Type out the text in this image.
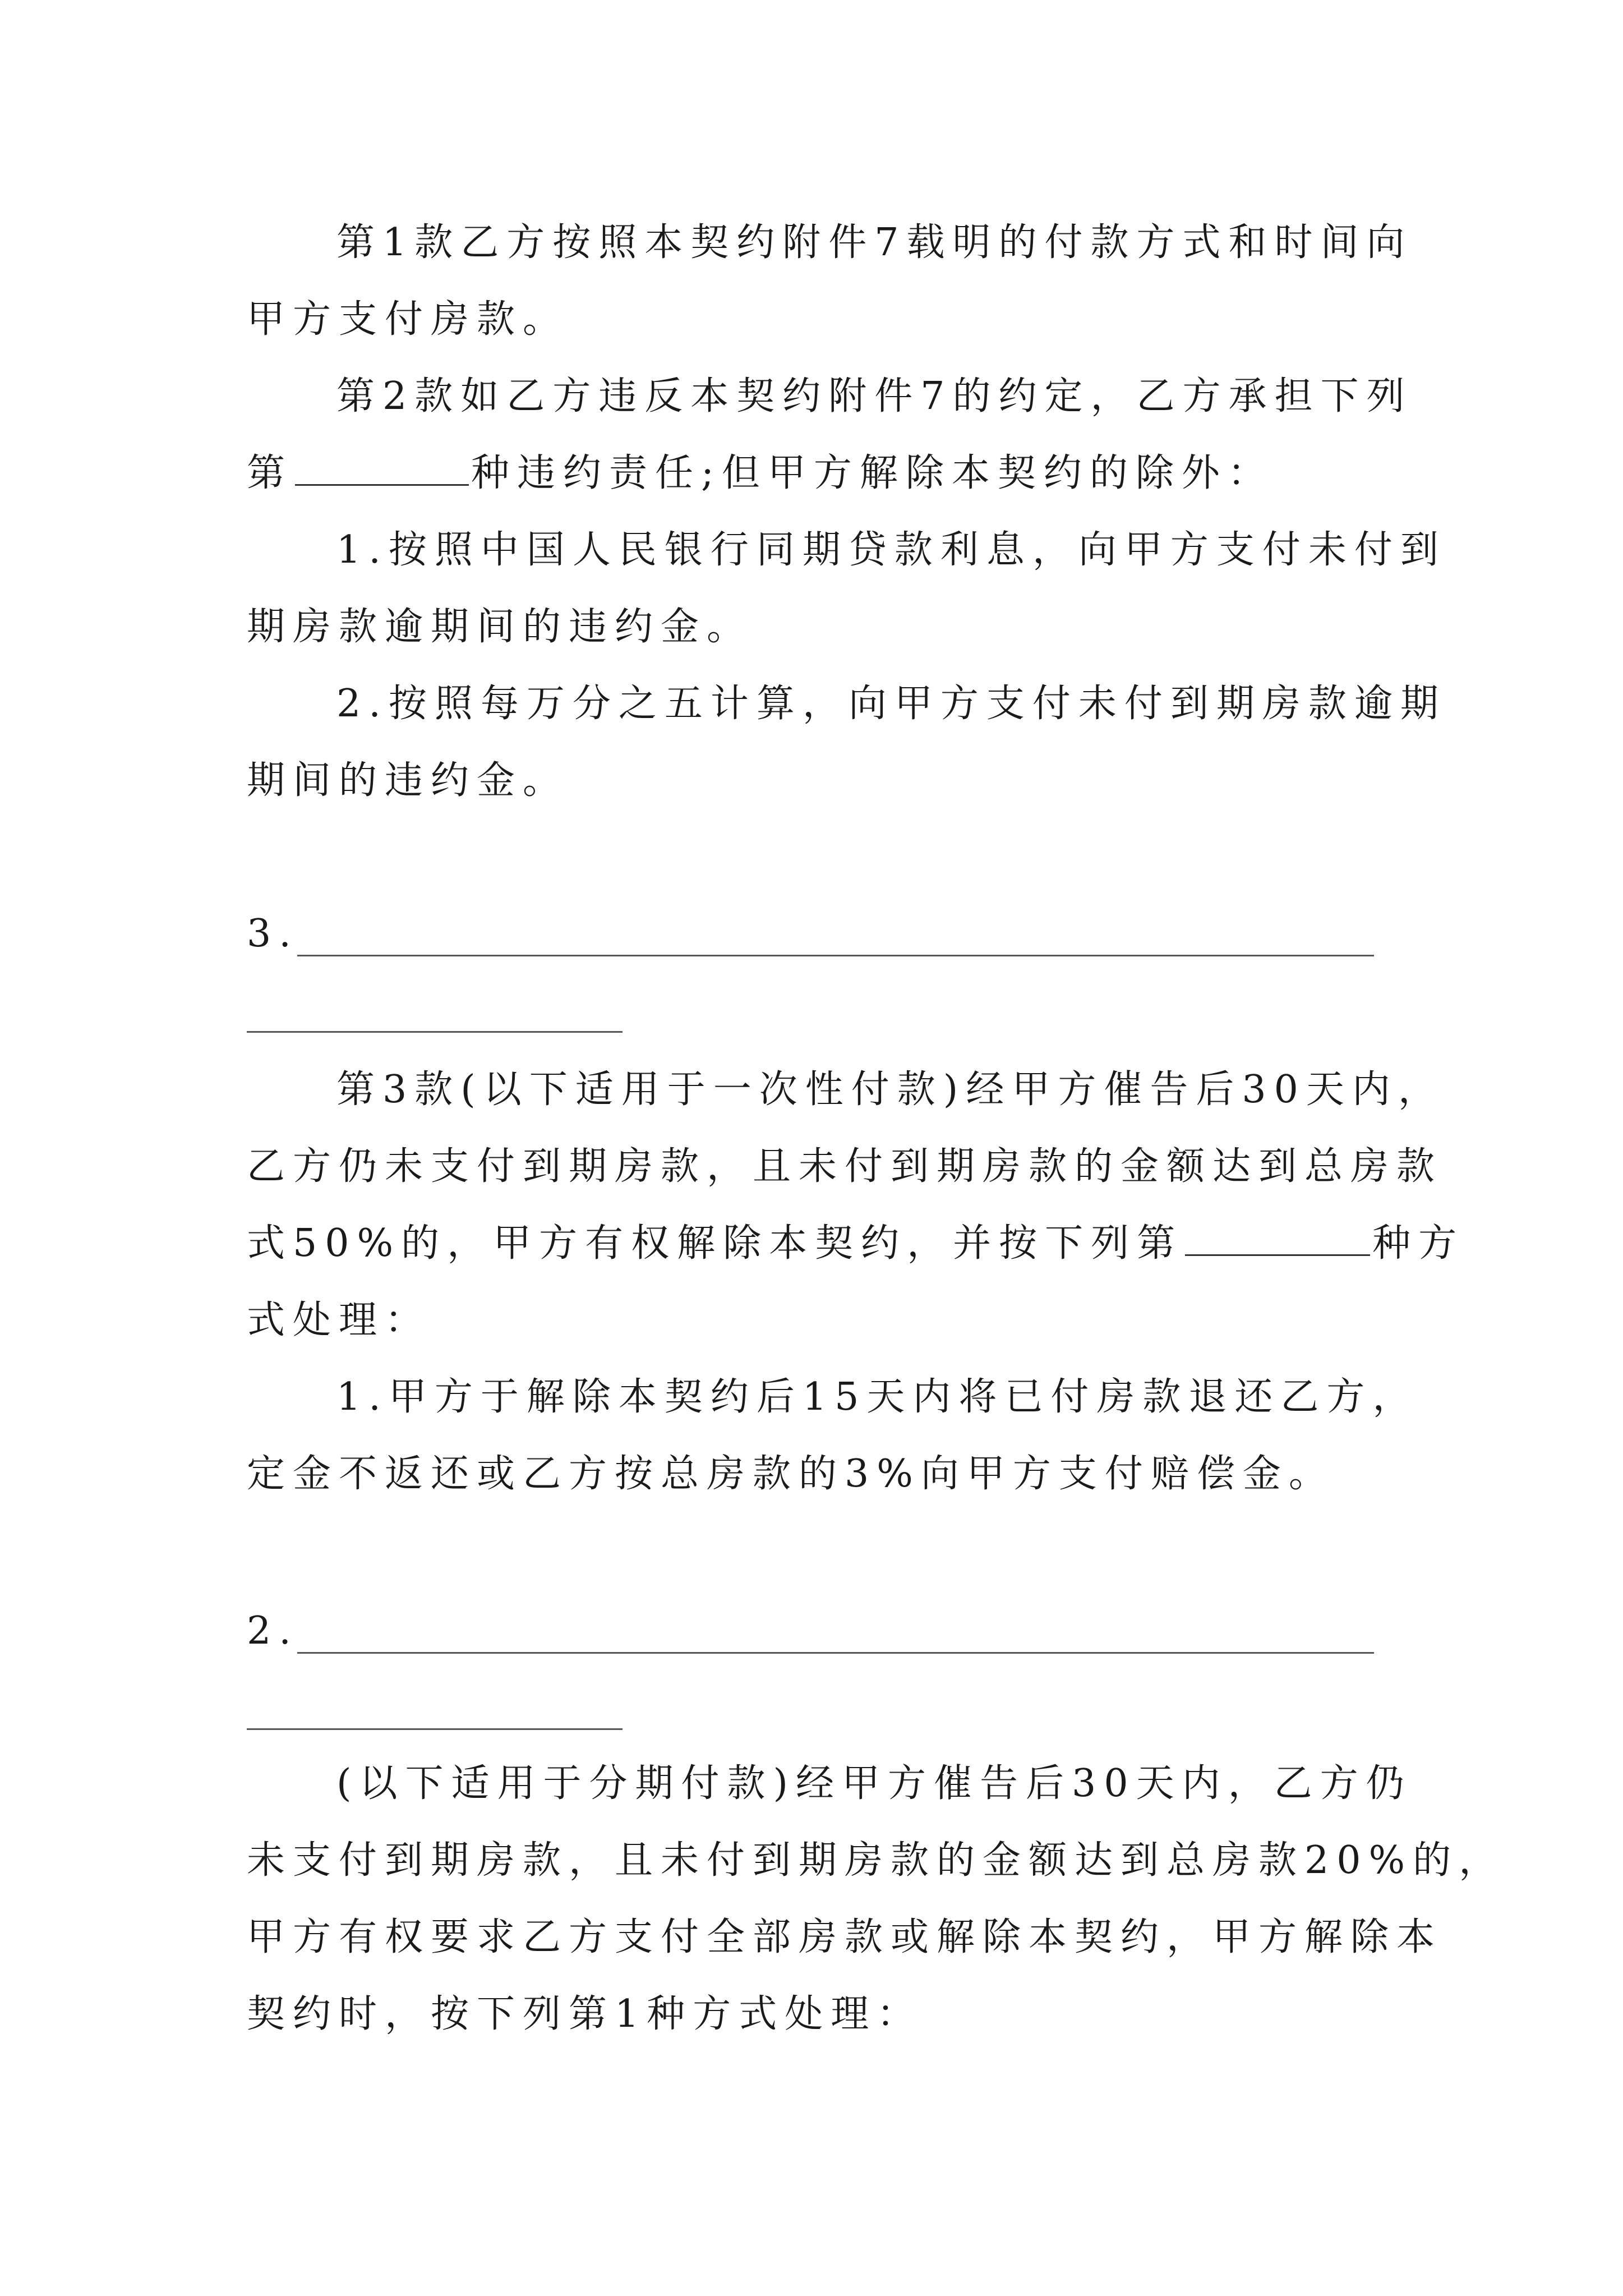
第1款乙方按照本契约附件7载明的付款方式和时间向
甲方支付房款。
第2款如乙方违反本契约附件7的约定，乙方承担下列
第	种违约责任;但甲方解除本契约的除外：
1.按照中国人民银行同期贷款利息，向甲方支付未付到
期房款逾期间的违约金。
2.按照每万分之五计算，向甲方支付未付到期房款逾期
期间的违约金。
3.
第3款(以下适用于一次性付款)经甲方催告后30天内，
乙方仍未支付到期房款，且未付到期房款的金额达到总房款
式50%的，甲方有权解除本契约，并按下列第	种方
式处理：
1.甲方于解除本契约后15天内将已付房款退还乙方，
定金不返还或乙方按总房款的3%向甲方支付赔偿金。
2.
(以下适用于分期付款)经甲方催告后30天内，乙方仍
未支付到期房款，且未付到期房款的金额达到总房款20%的，
甲方有权要求乙方支付全部房款或解除本契约，甲方解除本
契约时，按下列第1种方式处理：
